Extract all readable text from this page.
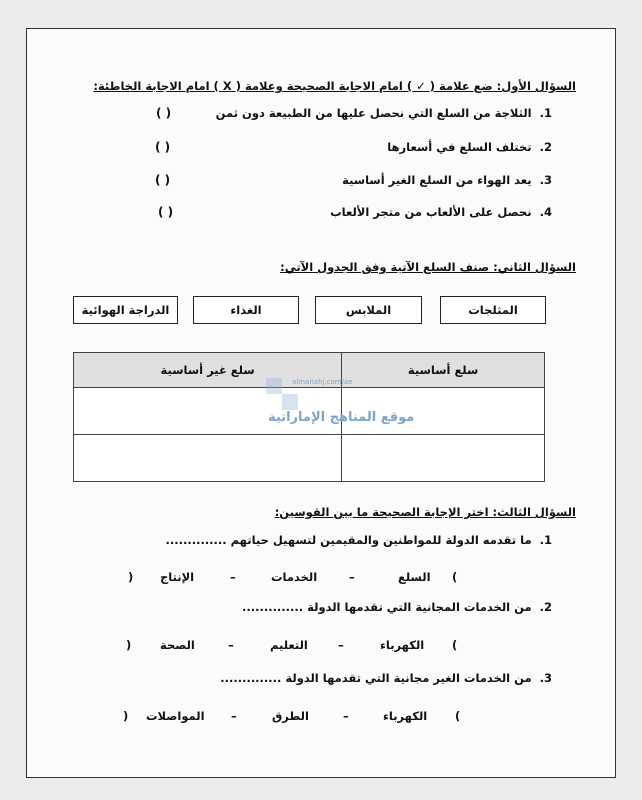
السؤال الأول: ضع علامة ( ✓ ) امام الاجابة الصحيحة وعلامة ( X ) امام الاجابة الخاطئة:
1.  الثلاجة من السلع التي نحصل عليها من الطبيعة دون ثمن
( )
2.  تختلف السلع في أسعارها
( )
3.  يعد الهواء من السلع الغير أساسية
( )
4.  نحصل على الألعاب من متجر الألعاب
( )
السؤال الثاني: صنف السلع الآتية وفق الجدول الآتي:
المثلجات
الملابس
الغذاء
الدراجة الهوائية
سلع أساسية	سلع غير أساسية

almanahj.com/ae
موقع المناهج الإماراتية
السؤال الثالث: اختر الإجابة الصحيحة ما بين القوسين:
1.  ما تقدمه الدولة للمواطنين والمقيمين لتسهيل حياتهم ..............
(
السلع
–
الخدمات
–
الإنتاج
)
2.  من الخدمات المجانية التي تقدمها الدولة ..............
(
الكهرباء
–
التعليم
–
الصحة
)
3.  من الخدمات الغير مجانية التي تقدمها الدولة ..............
(
الكهرباء
–
الطرق
–
المواصلات
)
